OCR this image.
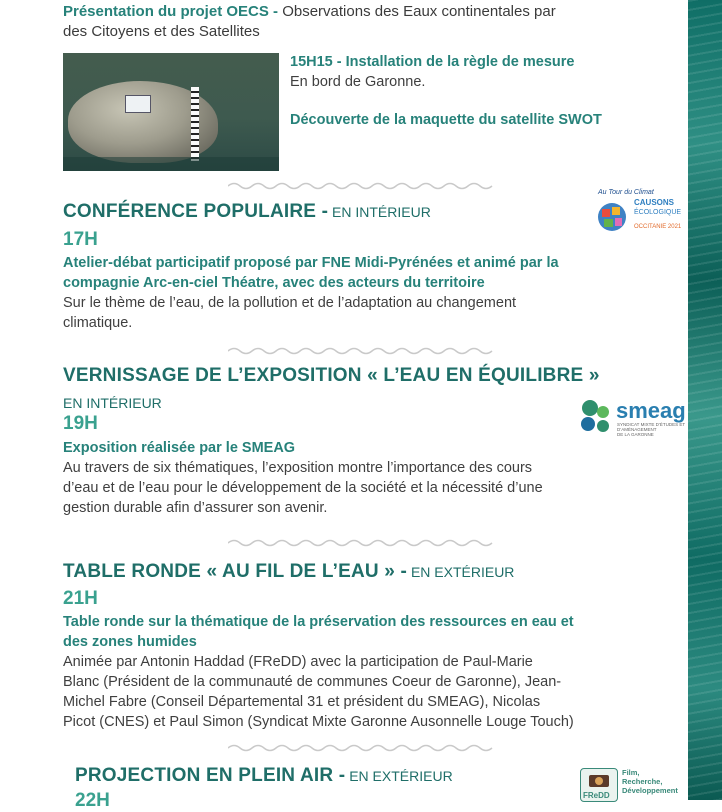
Présentation du projet OECS - Observations des Eaux continentales par
des Citoyens et des Satellites
15H15 - Installation de la règle de mesure
En bord de Garonne.
Découverte de la maquette du satellite SWOT
CONFÉRENCE POPULAIRE - EN INTÉRIEUR
17H
Atelier-débat participatif proposé par FNE Midi-Pyrénées et animé par la
compagnie Arc-en-ciel Théatre, avec des acteurs du territoire
Sur le thème de l’eau, de la pollution et de l’adaptation au changement
climatique.
Au Tour du Climat
CAUSONS
ÉCOLOGIQUE
OCCITANIE 2021
VERNISSAGE DE L’EXPOSITION « L’EAU EN ÉQUILIBRE »
EN INTÉRIEUR
19H
Exposition réalisée par le SMEAG
Au travers de six thématiques, l’exposition montre l’importance des cours
d’eau et de l’eau pour le développement de la société et la nécessité d’une
gestion durable afin d’assurer son avenir.
smeag
SYNDICAT MIXTE D’ÉTUDES ET D’AMÉNAGEMENT
DE LA GARONNE
TABLE RONDE « AU FIL DE L’EAU » - EN EXTÉRIEUR
21H
Table ronde sur la thématique de la préservation des ressources en eau et
des zones humides
Animée par Antonin Haddad (FReDD) avec la participation de Paul-Marie
Blanc (Président de la communauté de communes Coeur de Garonne), Jean-
Michel Fabre (Conseil Départemental 31 et président du SMEAG), Nicolas
Picot (CNES) et Paul Simon (Syndicat Mixte Garonne Ausonnelle Louge Touch)
PROJECTION EN PLEIN AIR - EN EXTÉRIEUR
22H	FReDD
Film,
Recherche,
Développement
